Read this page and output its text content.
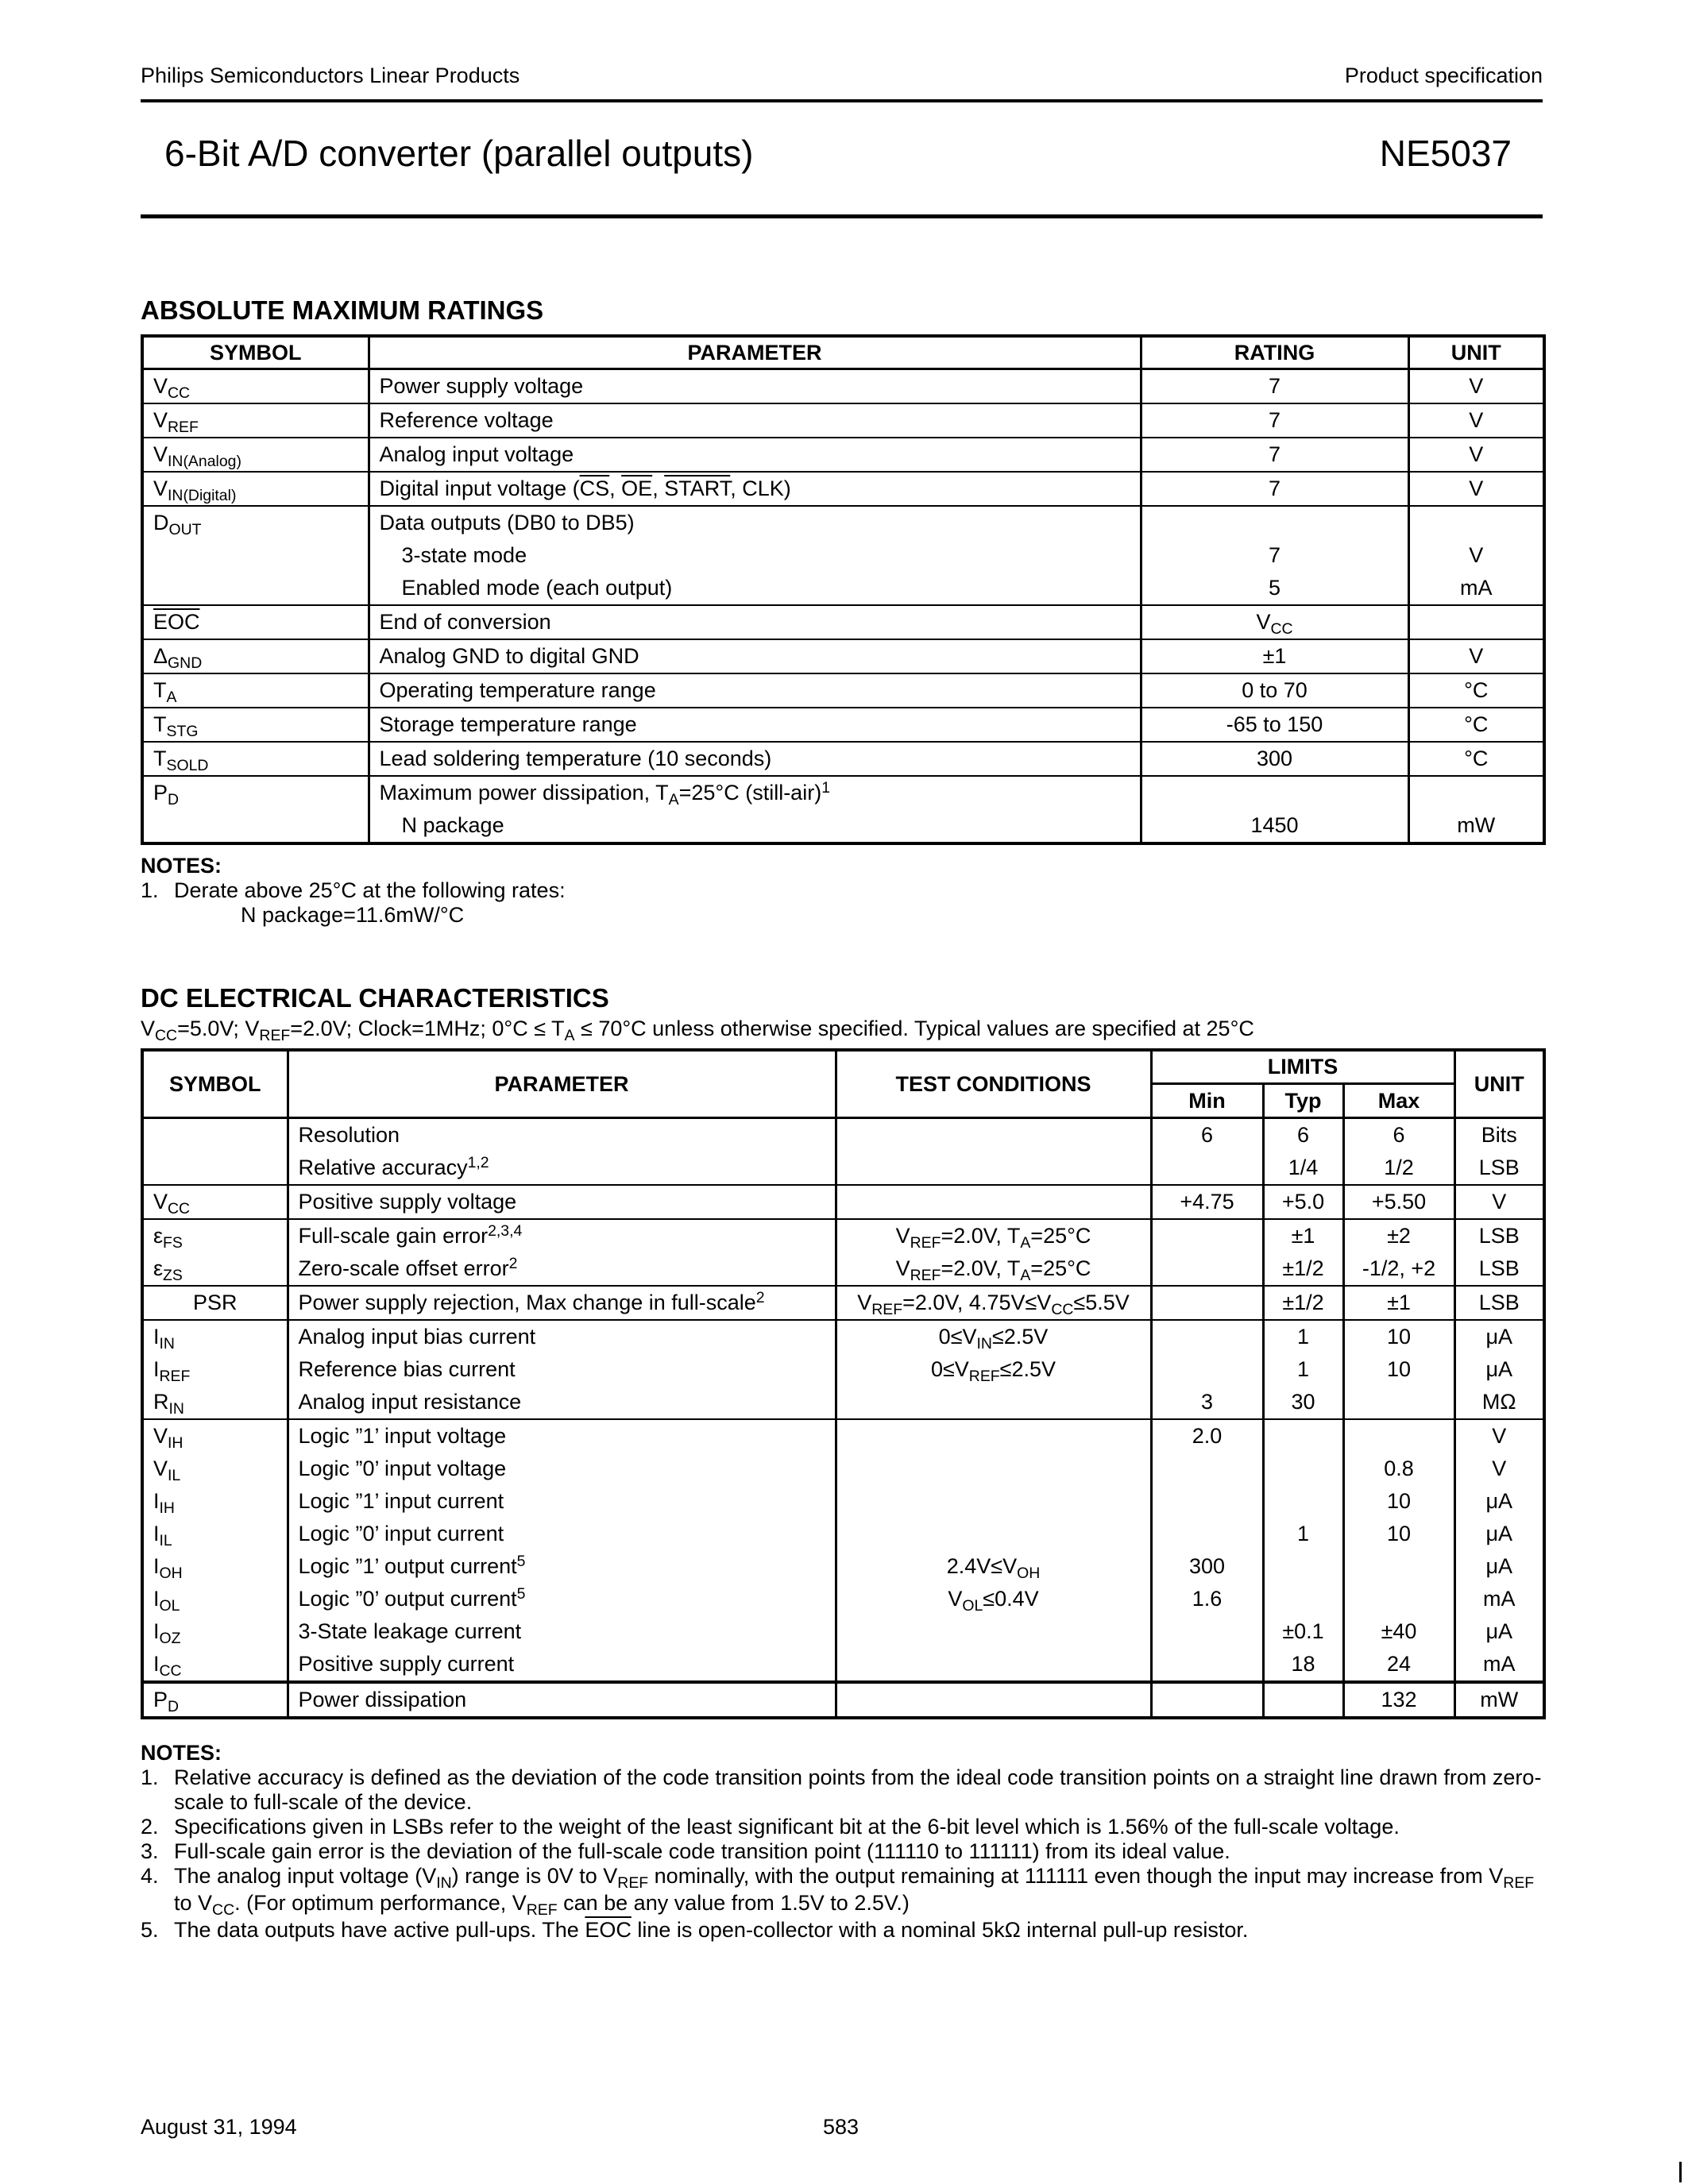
Philips Semiconductors Linear Products	Product specification
6-Bit A/D converter (parallel outputs)	NE5037
ABSOLUTE MAXIMUM RATINGS
SYMBOL	PARAMETER	RATING	UNIT
$V_{CC}$	Power supply voltage	7	V
$V_{REF}$	Reference voltage	7	V
$V_{IN(Analog)}$	Analog input voltage	7	V
$V_{IN(Digital)}$	Digital input voltage ($\overline{CS}$, $\overline{OE}$, START, CLK)	7	V
$D_{OUT}$	Data outputs (DB0 to DB5)		
	3-state mode	7	V
	Enabled mode (each output)	5	mA
$\overline{EOC}$	End of conversion	$V_{CC}$	
$\Delta_{GND}$	Analog GND to digital GND	±1	V
$T_A$	Operating temperature range	0 to 70	°C
$T_{STG}$	Storage temperature range	-65 to 150	°C
$T_{SOLD}$	Lead soldering temperature (10 seconds)	300	°C
$P_D$	Maximum power dissipation, $T_A=25^\circ C$ (still-air)$^1$		
	N package	1450	mW
NOTES:
1. Derate above 25°C at the following rates:
N package=11.6mW/°C
DC ELECTRICAL CHARACTERISTICS
$V_{CC}=5.0V$; $V_{REF}=2.0V$; Clock=1MHz; $0^\circ C \le T_A \le 70^\circ C$ unless otherwise specified. Typical values are specified at 25°C
SYMBOL	PARAMETER	TEST CONDITIONS	LIMITS			UNIT
			Min	Typ	Max	
	Resolution		6	6	6	Bits
	Relative accuracy$^{1,2}$			1/4	1/2	LSB
$V_{CC}$	Positive supply voltage		+4.75	+5.0	+5.50	V
$\varepsilon_{FS}$	Full-scale gain error$^{2,3,4}$	$V_{REF}=2.0V$, $T_A=25^\circ C$		±1	±2	LSB
$\varepsilon_{ZS}$	Zero-scale offset error$^2$	$V_{REF}=2.0V$, $T_A=25^\circ C$		±1/2	-1/2, +2	LSB
PSR	Power supply rejection, Max change in full-scale$^2$	$V_{REF}=2.0V$, $4.75V\le V_{CC}\le 5.5V$		±1/2	±1	LSB
$I_{IN}$	Analog input bias current	$0\le V_{IN}\le 2.5V$		1	10	μA
$I_{REF}$	Reference bias current	$0\le V_{REF}\le 2.5V$		1	10	μA
$R_{IN}$	Analog input resistance		3	30		MΩ
$V_{IH}$	Logic ”1’ input voltage		2.0			V
$V_{IL}$	Logic ”0’ input voltage				0.8	V
$I_{IH}$	Logic ”1’ input current				10	μA
$I_{IL}$	Logic ”0’ input current			1	10	μA
$I_{OH}$	Logic ”1’ output current$^5$	$2.4V\le V_{OH}$	300			μA
$I_{OL}$	Logic ”0’ output current$^5$	$V_{OL}\le 0.4V$	1.6			mA
$I_{OZ}$	3-State leakage current			±0.1	±40	μA
$I_{CC}$	Positive supply current			18	24	mA
$P_D$	Power dissipation				132	mW
NOTES:
1. Relative accuracy is defined as the deviation of the code transition points from the ideal code transition points on a straight line drawn from zero-scale to full-scale of the device.
2. Specifications given in LSBs refer to the weight of the least significant bit at the 6-bit level which is 1.56% of the full-scale voltage.
3. Full-scale gain error is the deviation of the full-scale code transition point (111110 to 111111) from its ideal value.
4. The analog input voltage $(V_{IN})$ range is 0V to $V_{REF}$ nominally, with the output remaining at 111111 even though the input may increase from $V_{REF}$ to $V_{CC}$. (For optimum performance, $V_{REF}$ can be any value from 1.5V to 2.5V.)
5. The data outputs have active pull-ups. The $\overline{EOC}$ line is open-collector with a nominal 5kΩ internal pull-up resistor.
August 31, 1994	583
